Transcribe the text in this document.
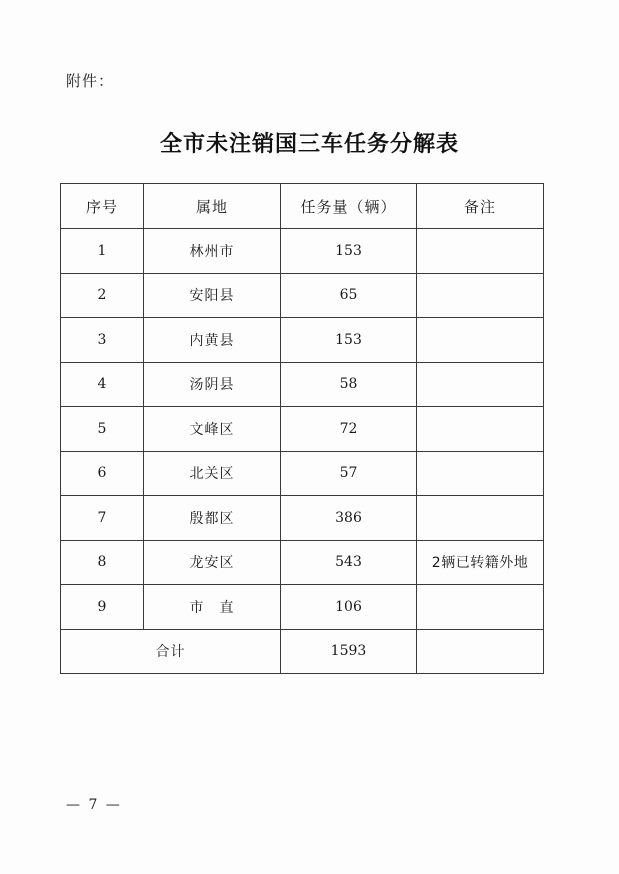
附件：
全市未注销国三车任务分解表
序号	属地	任务量（辆）	备注
1	林州市	153	
2	安阳县	65	
3	内黄县	153	
4	汤阴县	58	
5	文峰区	72	
6	北关区	57	
7	殷都区	386	
8	龙安区	543	2辆已转籍外地
9	市　直	106	
合计		1593	
— 7 —
